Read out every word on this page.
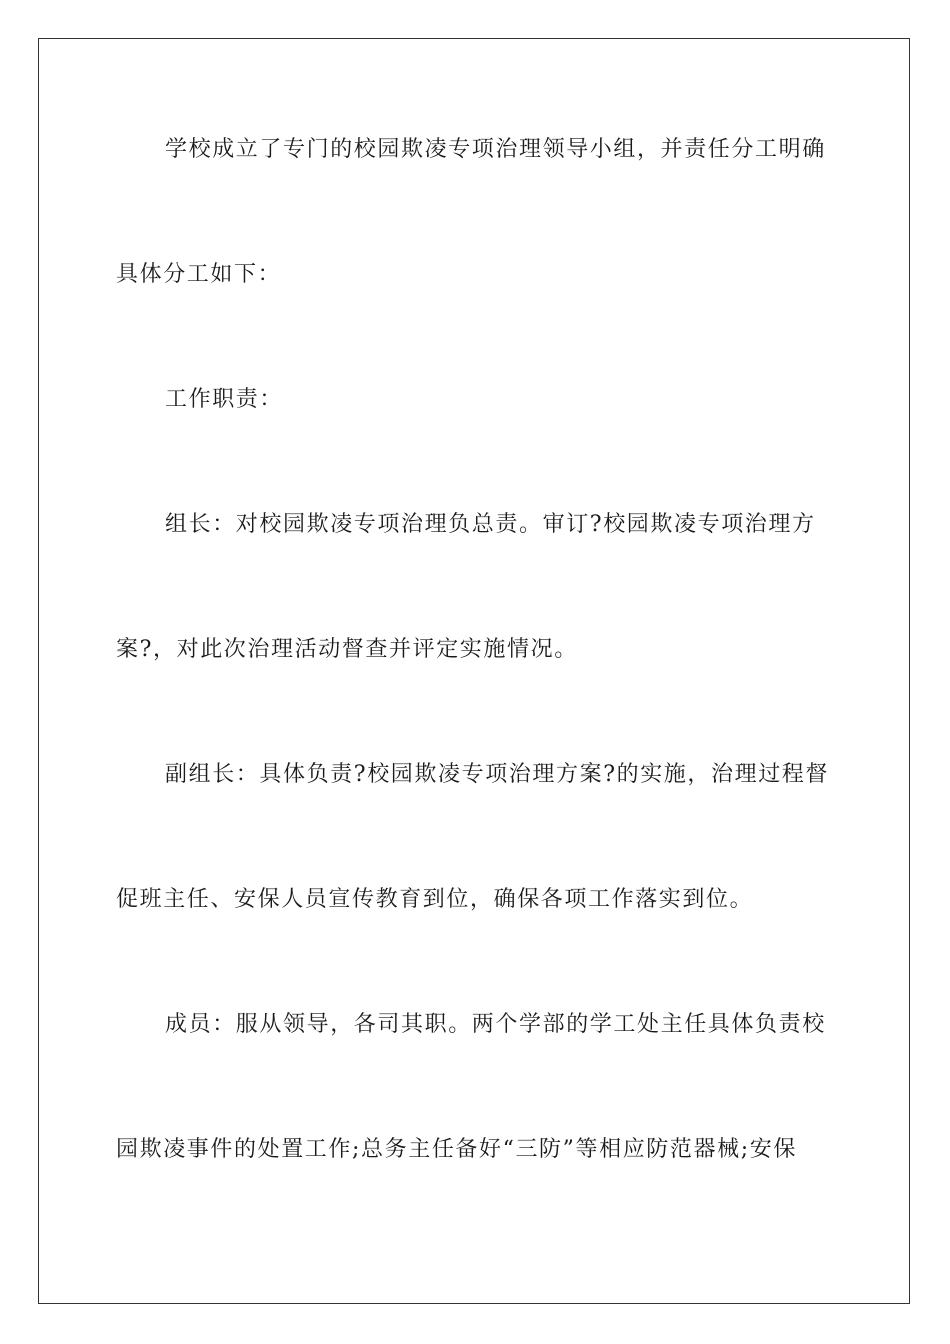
学校成立了专门的校园欺凌专项治理领导小组，并责任分工明确
具体分工如下：
工作职责：
组长：对校园欺凌专项治理负总责。审订?校园欺凌专项治理方
案?，对此次治理活动督查并评定实施情况。
副组长：具体负责?校园欺凌专项治理方案?的实施，治理过程督
促班主任、安保人员宣传教育到位，确保各项工作落实到位。
成员：服从领导，各司其职。两个学部的学工处主任具体负责校
园欺凌事件的处置工作;总务主任备好“三防”等相应防范器械;安保
